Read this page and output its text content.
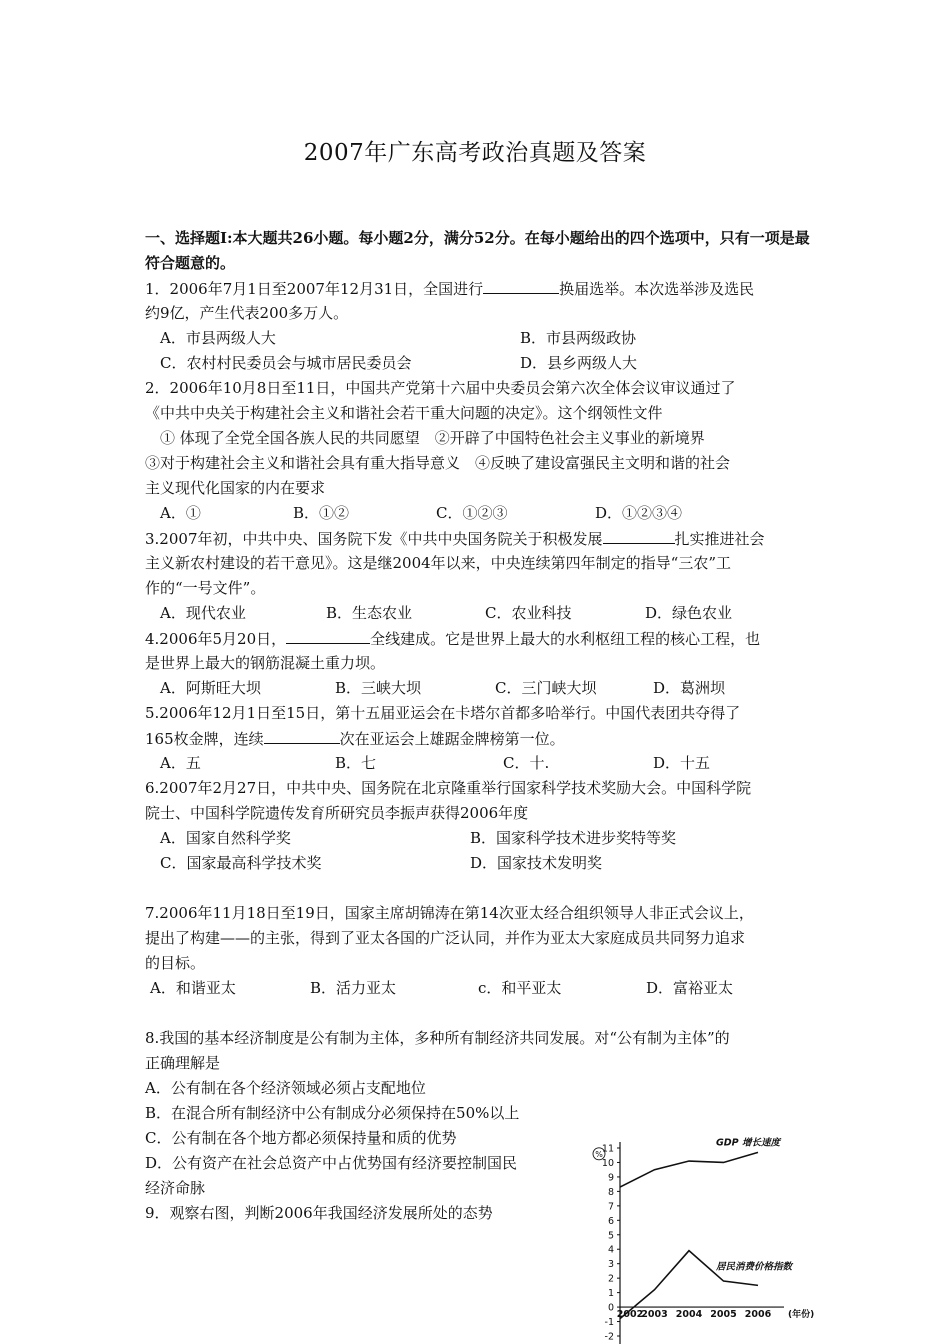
2007年广东高考政治真题及答案
一、选择题Ⅰ:本大题共26小题。每小题2分，满分52分。在每小题给出的四个选项中，只有一项是最符合题意的。
1．2006年7月1日至2007年12月31日，全国进行	换届选举。本次选举涉及选民
约9亿，产生代表200多万人。
A．市县两级人大	B．市县两级政协
C．农村村民委员会与城市居民委员会	D．县乡两级人大
2．2006年10月8日至11日，中国共产党第十六届中央委员会第六次全体会议审议通过了
《中共中央关于构建社会主义和谐社会若干重大问题的决定》。这个纲领性文件
① 体现了全党全国各族人民的共同愿望　②开辟了中国特色社会主义事业的新境界
③对于构建社会主义和谐社会具有重大指导意义　④反映了建设富强民主文明和谐的社会
主义现代化国家的内在要求
A．①	B．①②	C．①②③	D．①②③④
3.2007年初，中共中央、国务院下发《中共中央国务院关于积极发展	扎实推进社会
主义新农村建设的若干意见》。这是继2004年以来，中央连续第四年制定的指导“三农”工
作的“一号文件”。
A．现代农业	B．生态农业	C．农业科技	D．绿色农业
4.2006年5月20日，	全线建成。它是世界上最大的水利枢纽工程的核心工程，也
是世界上最大的钢筋混凝土重力坝。
A．阿斯旺大坝	B．三峡大坝	C．三门峡大坝	D．葛洲坝
5.2006年12月1日至15日，第十五届亚运会在卡塔尔首都多哈举行。中国代表团共夺得了
165枚金牌，连续	次在亚运会上雄踞金牌榜第一位。
A．五	B．七	C．十.	D．十五
6.2007年2月27日，中共中央、国务院在北京隆重举行国家科学技术奖励大会。中国科学院
院士、中国科学院遗传发育所研究员李振声获得2006年度
A．国家自然科学奖	B．国家科学技术进步奖特等奖
C．国家最高科学技术奖	D．国家技术发明奖
7.2006年11月18日至19日，国家主席胡锦涛在第14次亚太经合组织领导人非正式会议上，
提出了构建——的主张，得到了亚太各国的广泛认同，并作为亚太大家庭成员共同努力追求
的目标。
A．和谐亚太	B．活力亚太	c．和平亚太	D．富裕亚太
8.我国的基本经济制度是公有制为主体，多种所有制经济共同发展。对“公有制为主体”的
正确理解是
A．公有制在各个经济领域必须占支配地位
B．在混合所有制经济中公有制成分必须保持在50%以上
C．公有制在各个地方都必须保持量和质的优势
D．公有资产在社会总资产中占优势国有经济要控制国民
经济命脉
9．观察右图，判断2006年我国经济发展所处的态势
-2
-1
0
1
2
3
4
5
6
7
8
9
10
11
%
2002
2003 2004 2005 2006 (年份)
GDP 增长速度
居民消费价格指数
